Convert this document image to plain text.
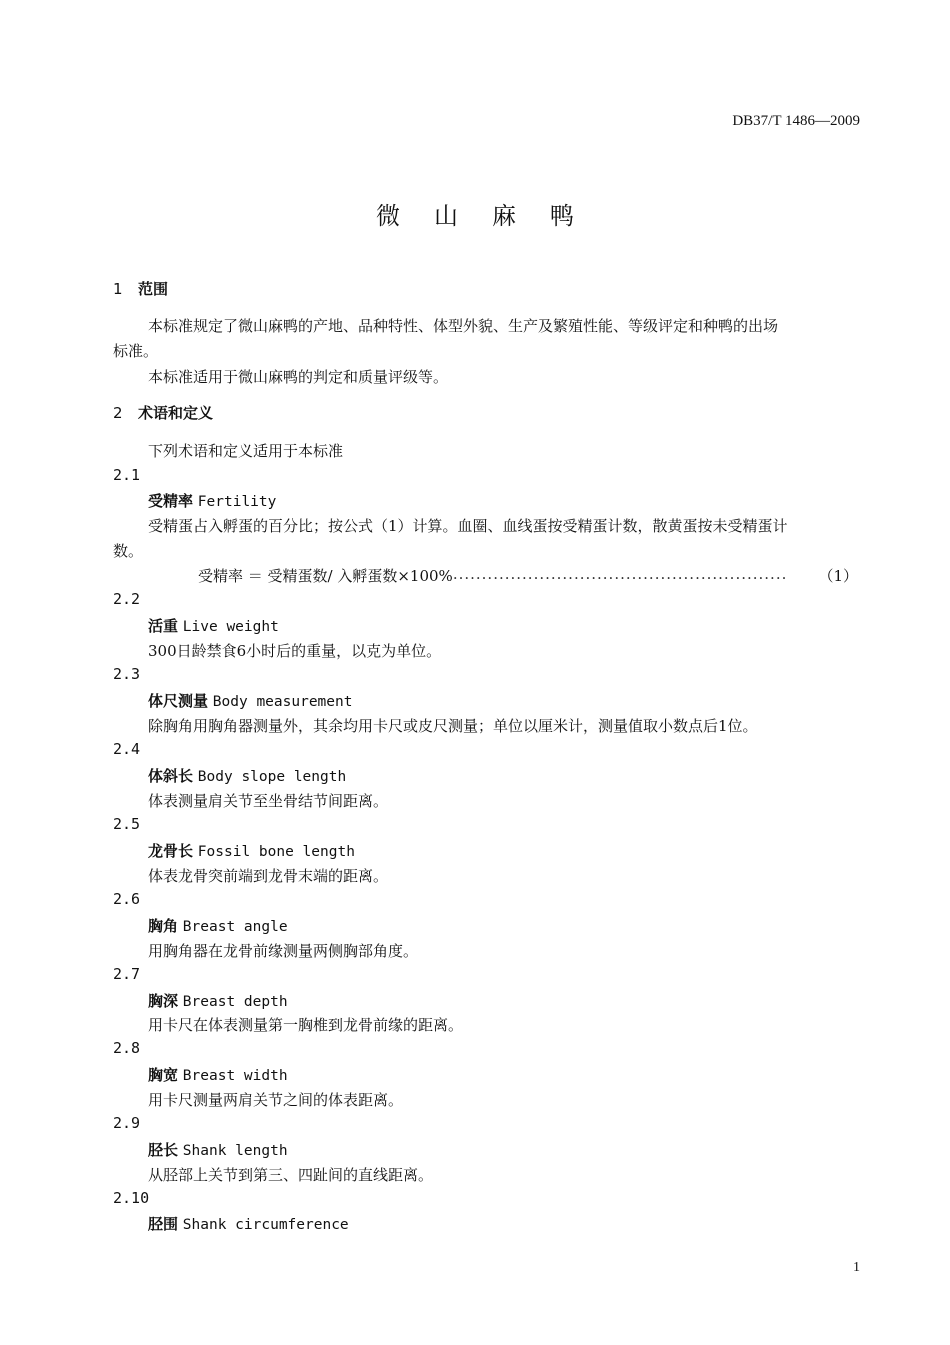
DB37/T 1486—2009
微山麻鸭
1 范围
本标准规定了微山麻鸭的产地、品种特性、体型外貌、生产及繁殖性能、等级评定和种鸭的出场
标准。
本标准适用于微山麻鸭的判定和质量评级等。
2 术语和定义
下列术语和定义适用于本标准
2.1
受精率 Fertility
受精蛋占入孵蛋的百分比；按公式（1）计算。血圈、血线蛋按受精蛋计数，散黄蛋按未受精蛋计
数。
受精率 ＝ 受精蛋数/ 入孵蛋数×100% ..........................................................	（1）
2.2
活重 Live weight
300日龄禁食6小时后的重量，以克为单位。
2.3
体尺测量 Body measurement
除胸角用胸角器测量外，其余均用卡尺或皮尺测量；单位以厘米计，测量值取小数点后1位。
2.4
体斜长 Body slope length
体表测量肩关节至坐骨结节间距离。
2.5
龙骨长 Fossil bone length
体表龙骨突前端到龙骨末端的距离。
2.6
胸角 Breast angle
用胸角器在龙骨前缘测量两侧胸部角度。
2.7
胸深 Breast depth
用卡尺在体表测量第一胸椎到龙骨前缘的距离。
2.8
胸宽 Breast width
用卡尺测量两肩关节之间的体表距离。
2.9
胫长 Shank length
从胫部上关节到第三、四趾间的直线距离。
2.10
胫围 Shank circumference
1
